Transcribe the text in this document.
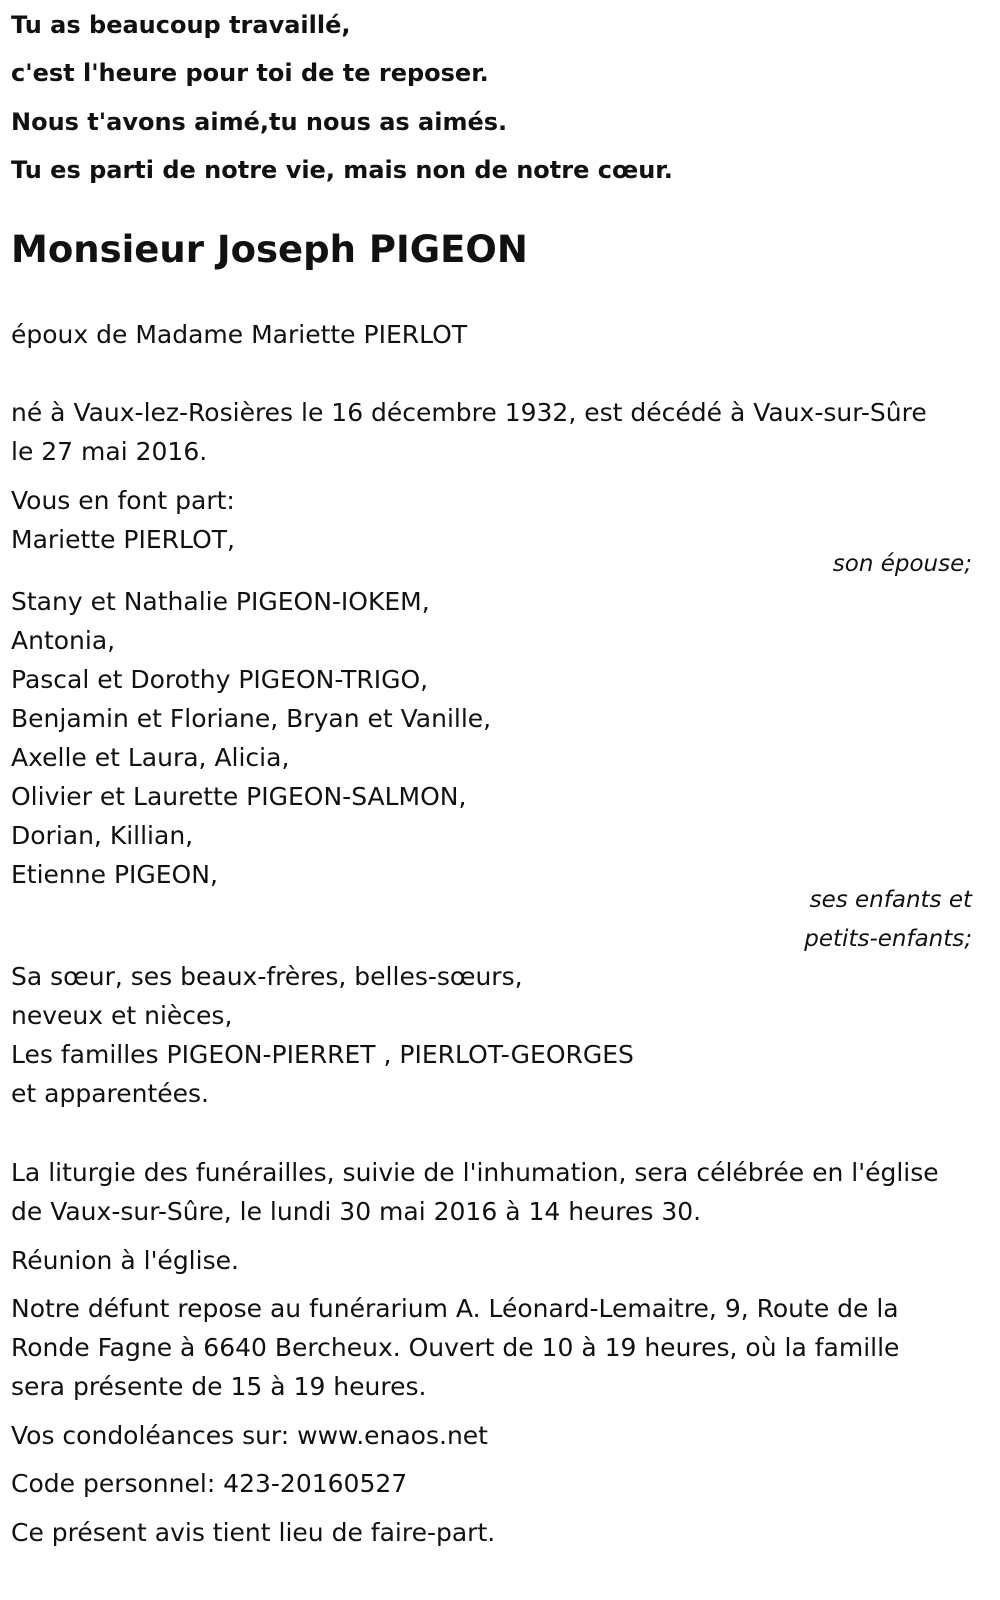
Tu as beaucoup travaillé,

c'est l'heure pour toi de te reposer.

Nous t'avons aimé,tu nous as aimés.

Tu es parti de notre vie, mais non de notre cœur.

Monsieur Joseph PIGEON

époux de Madame Mariette PIERLOT

né à Vaux-lez-Rosières le 16 décembre 1932, est décédé à Vaux-sur-Sûre

le 27 mai 2016.

Vous en font part:

Mariette PIERLOT,

son épouse;

Stany et Nathalie PIGEON-IOKEM,

Antonia,

Pascal et Dorothy PIGEON-TRIGO,

Benjamin et Floriane, Bryan et Vanille,

Axelle et Laura, Alicia,

Olivier et Laurette PIGEON-SALMON,

Dorian, Killian,

Etienne PIGEON,

ses enfants et
petits-enfants;

Sa sœur, ses beaux-frères, belles-sœurs,

neveux et nièces,

Les familles PIGEON-PIERRET , PIERLOT-GEORGES

et apparentées.

La liturgie des funérailles, suivie de l'inhumation, sera célébrée en l'église

de Vaux-sur-Sûre, le lundi 30 mai 2016 à 14 heures 30.

Réunion à l'église.

Notre défunt repose au funérarium A. Léonard-Lemaitre, 9, Route de la

Ronde Fagne à 6640 Bercheux. Ouvert de 10 à 19 heures, où la famille

sera présente de 15 à 19 heures.

Vos condoléances sur: www.enaos.net

Code personnel: 423-20160527

Ce présent avis tient lieu de faire-part.
